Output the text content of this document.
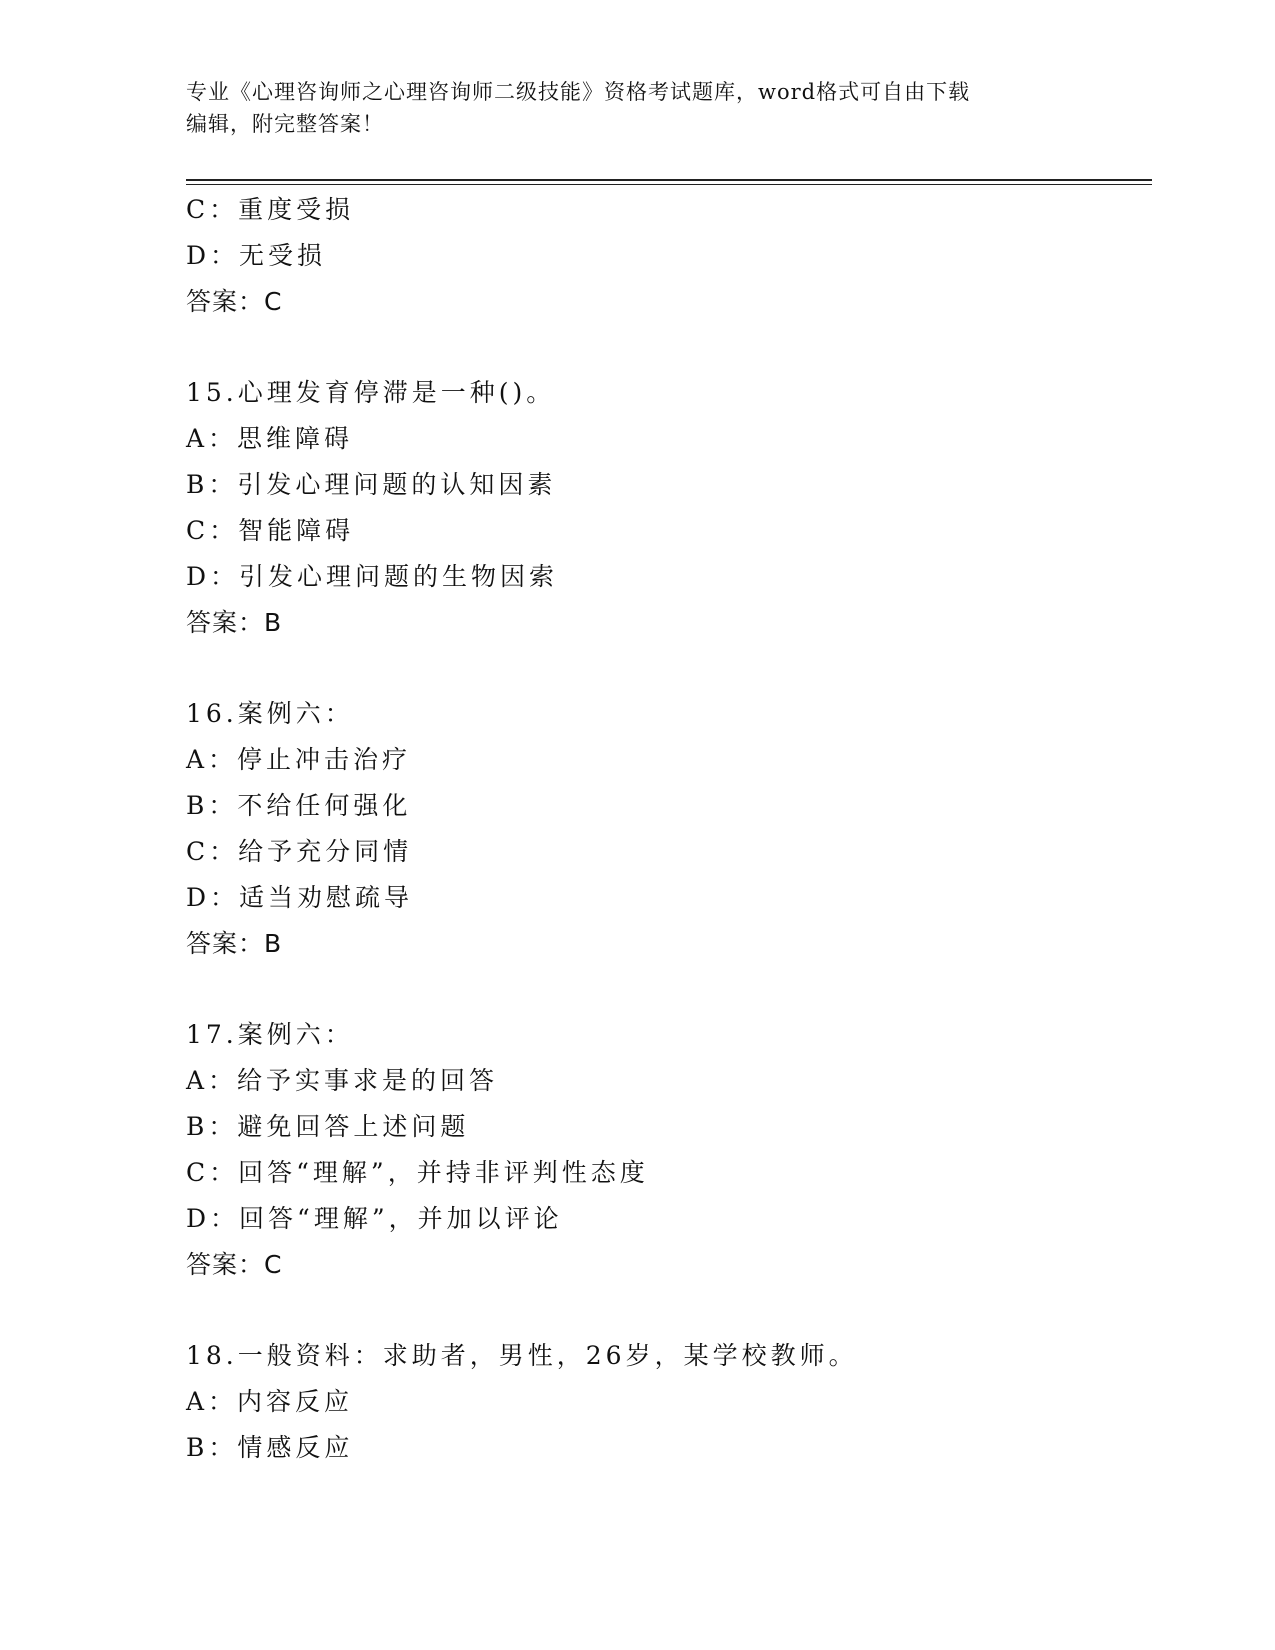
专业《心理咨询师之心理咨询师二级技能》资格考试题库，word格式可自由下载
编辑，附完整答案！
C：重度受损
D：无受损
答案：C
15.心理发育停滞是一种()。
A：思维障碍
B：引发心理问题的认知因素
C：智能障碍
D：引发心理问题的生物因索
答案：B
16.案例六：
A：停止冲击治疗
B：不给任何强化
C：给予充分同情
D：适当劝慰疏导
答案：B
17.案例六：
A：给予实事求是的回答
B：避免回答上述问题
C：回答“理解”，并持非评判性态度
D：回答“理解”，并加以评论
答案：C
18.一般资料：求助者，男性，26岁，某学校教师。
A：内容反应
B：情感反应
